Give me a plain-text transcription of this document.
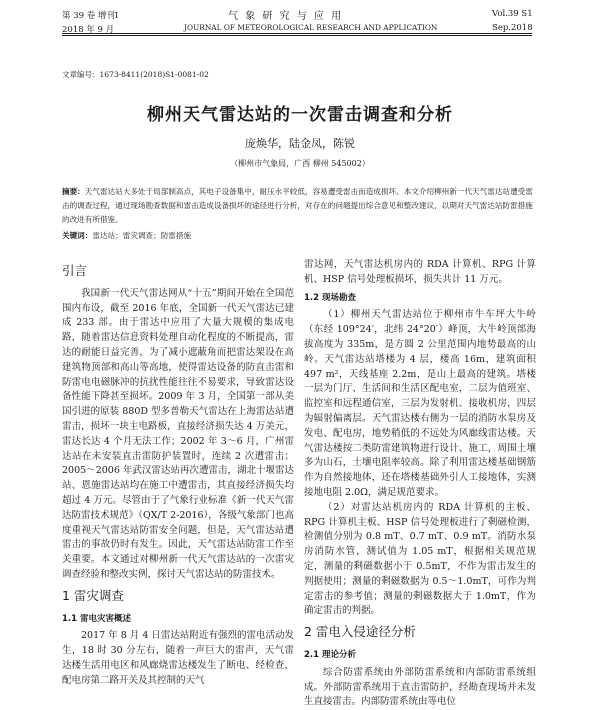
第 39 卷 增刊Ⅰ
2018 年 9 月
气 象 研 究 与 应 用
JOURNAL OF METEOROLOGICAL RESEARCH AND APPLICATION
Vol.39 S1
Sep.2018
文章编号：1673-8411(2018)S1-0081-02
柳州天气雷达站的一次雷击调查和分析
庞焕华，陆金凤，陈锐
（柳州市气象局，广西 柳州 545002）
摘要：天气雷达站大多处于局部制高点，其电子设备集中，耐压水平较低，容易遭受雷击而造成损坏。本文介绍柳州新一代天气雷达站遭受雷击的调查过程，通过现场勘查数据和雷击造成设备损坏的途径进行分析，对存在的问题提出综合意见和整改建议，以期对天气雷达站防雷措施的改进有所借鉴。
关键词：雷达站；雷灾调查；防雷措施
引言

我国新一代天气雷达网从“十五”期间开始在全国范围内布设，截至 2016 年底，全国新一代天气雷达已建成 233 部。由于雷达中应用了大量大规模的集成电路，随着雷达信息资料处理自动化程度的不断提高，雷达的耐能日益完善，为了减小遮蔽角而把雷达架设在高建筑物顶部和高山等高地，使得雷达设备的防直击雷和防雷电电磁脉冲的抗扰性能往往不易要求，导致雷达设备性能下降甚至损坏。2009 年 3 月，全国第一部从美国引进的原装 880D 型多普勒天气雷达在上海雷达站遭雷击，损坏一块主电路板，直接经济损失达 4 万美元，雷达长达 4 个月无法工作；2002 年 3～6 月，广州雷达站在未安装直击雷防护装置时，连续 2 次遭雷击；2005～2006 年武汉雷达站再次遭雷击，湖北十堰雷达站、恩施雷达站均在施工中遭雷击，其直接经济损失均超过 4 万元。尽管由于了气象行业标准《新一代天气雷达防雷技术规范》（QX/T 2-2016），各级气象部门也高度重视天气雷达站防雷安全问题，但是，天气雷达站遭雷击的事故仍时有发生。因此，天气雷达站防雷工作至关重要。本文通过对柳州新一代天气雷达站的一次雷灾调查经验和整改实例，探讨天气雷达站的防雷技术。

1 雷灾调查
1.1 雷电灾害概述

2017 年 8 月 4 日雷达站附近有强烈的雷电活动发生，18 时 30 分左右，随着一声巨大的雷声，天气雷达楼生活用电区和风廊烧雷达楼发生了断电、经检查，配电房第二路开关及其控制的天气

雷达网，天气雷达机房内的 RDA 计算机、RPG 计算机、HSP 信号处理板损坏，损失共计 11 万元。

1.2 现场勘查

（1）柳州天气雷达站位于柳州市牛车坪大牛岭（东经 109°24′，北纬 24°20′）峰顶，大牛岭顶部海拔高度为 335m，是方圆 2 公里范围内地势最高的山岭。天气雷达站塔楼为 4 层，楼高 16m，建筑面积 497 m²，天线基座 2.2m，是山上最高的建筑。塔楼一层为门厅、生活间和生活区配电室，二层为值班室、监控室和远程通信室，三层为发射机、接收机房，四层为辐射偏离层。天气雷达楼右侧为一层的消防水泵房及发电、配电房，地势稍低的不远处为风廊线雷达楼。天气雷达楼按二类防雷建筑物进行设计、施工，周围土壤多为山石，土壤电阻率较高。除了利用雷达楼基础钢筋作为自然接地体，还在塔楼基础外引人工接地体，实测接地电阻 2.0Ω，满足规范要求。

（2）对雷达站机房内的 RDA 计算机的主板、RPG 计算机主板、HSP 信号处理板进行了剩磁检测，检测值分别为 0.8 mT、0.7 mT、0.9 mT。消防水泵房消防水管，测试值为 1.05 mT，根据相关规范规定，测量的剩磁数据小于 0.5mT，不作为雷击发生的判据使用；测量的剩磁数据为 0.5～1.0mT，可作为判定雷击的参考值；测量的剩磁数据大于 1.0mT，作为确定雷击的判据。

2 雷电入侵途径分析
2.1 理论分析

综合防雷系统由外部防雷系统和内部防雷系统组成。外部防雷系统用于直击雷防护，经勘查现场并未发生直接雷击。内部防雷系统由等电位
